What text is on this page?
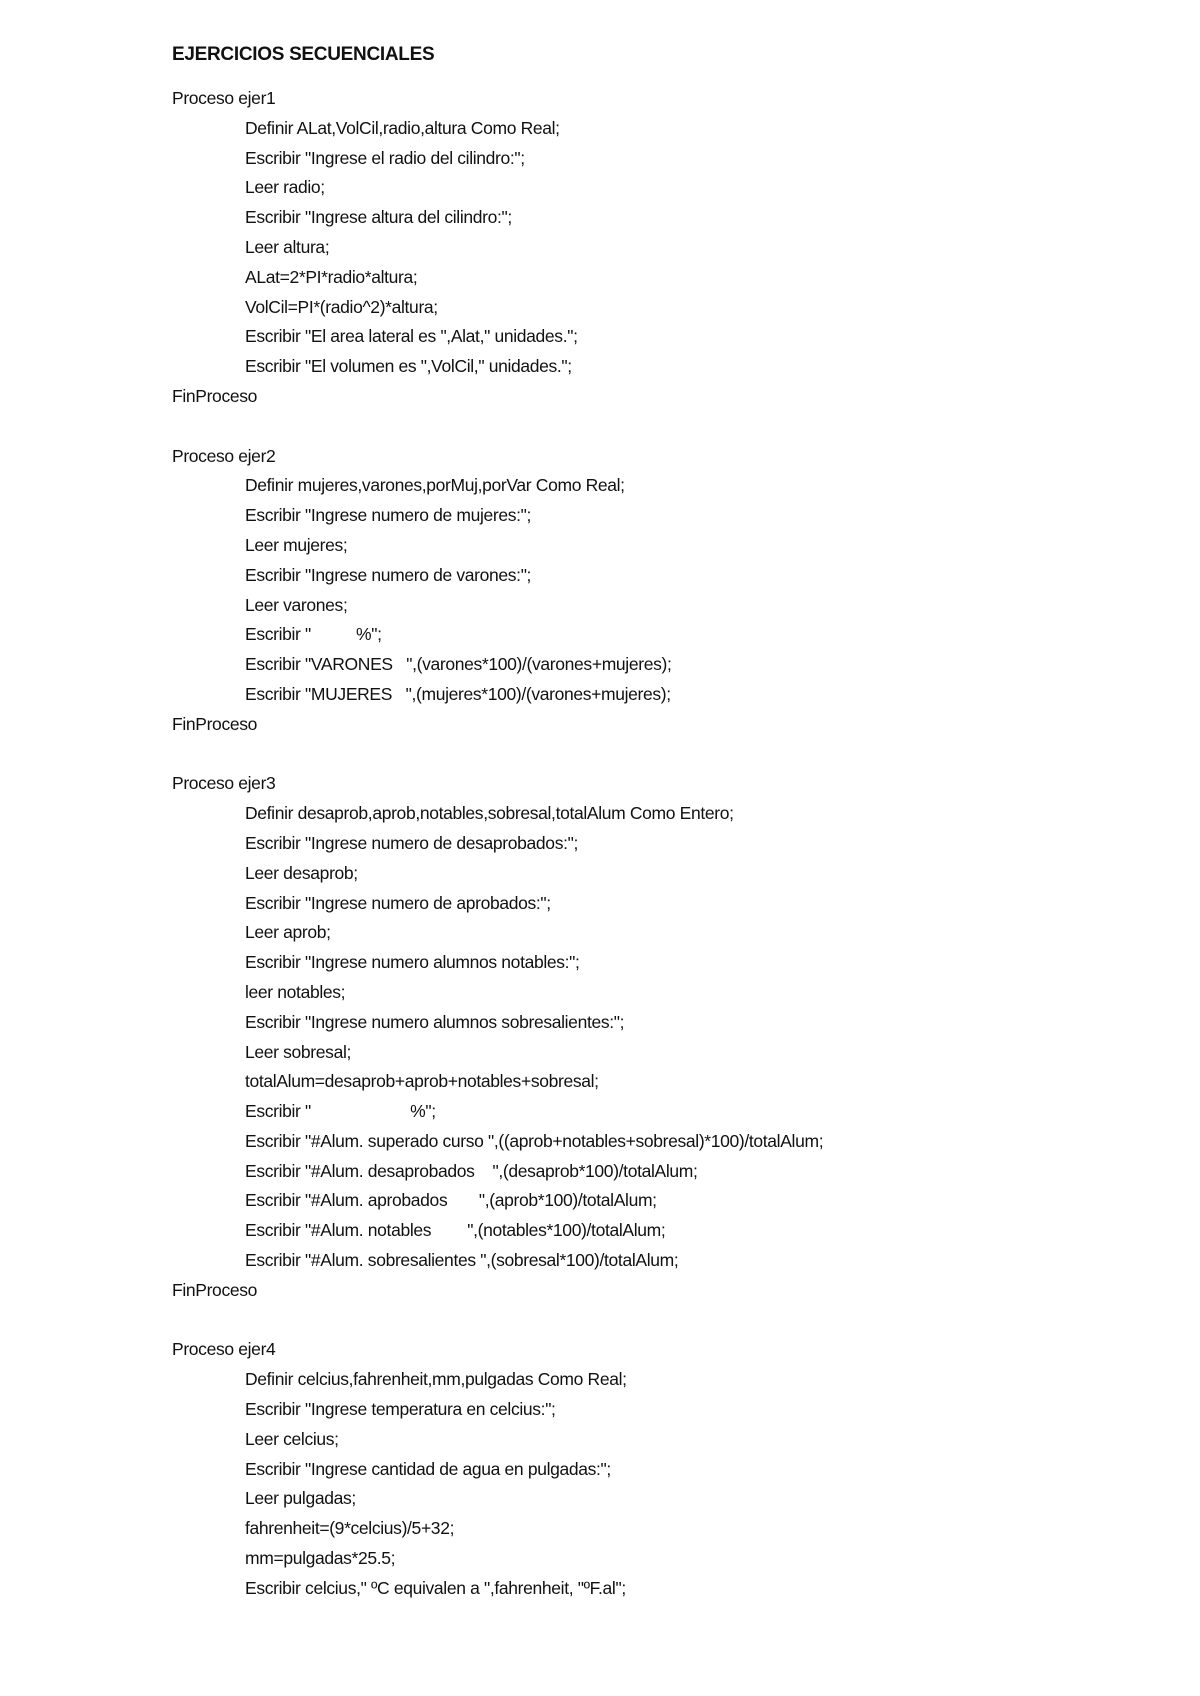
EJERCICIOS SECUENCIALES
Proceso ejer1
Definir ALat,VolCil,radio,altura Como Real;
Escribir "Ingrese el radio del cilindro:";
Leer radio;
Escribir "Ingrese altura del cilindro:";
Leer altura;
ALat=2*PI*radio*altura;
VolCil=PI*(radio^2)*altura;
Escribir "El area lateral es ",Alat," unidades.";
Escribir "El volumen es ",VolCil," unidades.";
FinProceso
Proceso ejer2
Definir mujeres,varones,porMuj,porVar Como Real;
Escribir "Ingrese numero de mujeres:";
Leer mujeres;
Escribir "Ingrese numero de varones:";
Leer varones;
Escribir "          %";
Escribir "VARONES   ",(varones*100)/(varones+mujeres);
Escribir "MUJERES   ",(mujeres*100)/(varones+mujeres);
FinProceso
Proceso ejer3
Definir desaprob,aprob,notables,sobresal,totalAlum Como Entero;
Escribir "Ingrese numero de desaprobados:";
Leer desaprob;
Escribir "Ingrese numero de aprobados:";
Leer aprob;
Escribir "Ingrese numero alumnos notables:";
leer notables;
Escribir "Ingrese numero alumnos sobresalientes:";
Leer sobresal;
totalAlum=desaprob+aprob+notables+sobresal;
Escribir "                      %";
Escribir "#Alum. superado curso ",((aprob+notables+sobresal)*100)/totalAlum;
Escribir "#Alum. desaprobados    ",(desaprob*100)/totalAlum;
Escribir "#Alum. aprobados       ",(aprob*100)/totalAlum;
Escribir "#Alum. notables        ",(notables*100)/totalAlum;
Escribir "#Alum. sobresalientes ",(sobresal*100)/totalAlum;
FinProceso
Proceso ejer4
Definir celcius,fahrenheit,mm,pulgadas Como Real;
Escribir "Ingrese temperatura en celcius:";
Leer celcius;
Escribir "Ingrese cantidad de agua en pulgadas:";
Leer pulgadas;
fahrenheit=(9*celcius)/5+32;
mm=pulgadas*25.5;
Escribir celcius," ºC equivalen a ",fahrenheit, "ºF.al";
